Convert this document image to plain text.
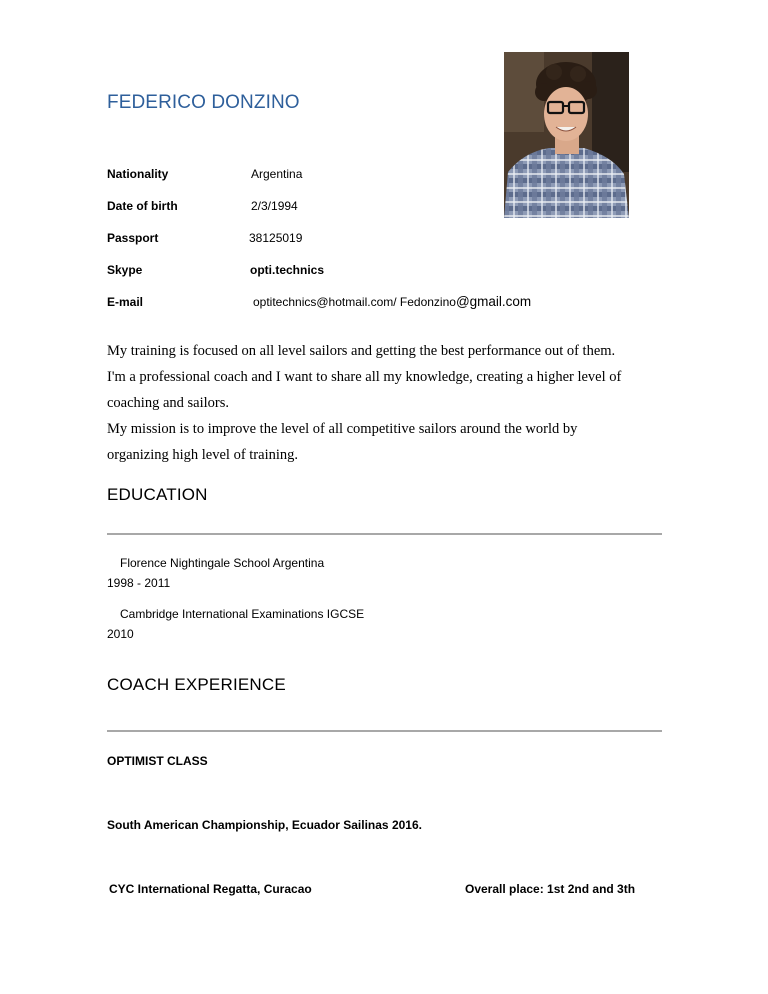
FEDERICO DONZINO
Nationality	Argentina
Date of birth	2/3/1994
Passport	38125019
Skype	opti.technics
E-mail	optitechnics@hotmail.com/ Fedonzino@gmail.com
My training is focused on all level sailors and getting the best performance out of them.
I'm a professional coach and I want to share all my knowledge, creating a higher level of
coaching and sailors.
My mission is to improve the level of all competitive sailors around the world by
organizing high level of training.
EDUCATION
Florence Nightingale School Argentina
1998 - 2011
Cambridge International Examinations IGCSE
2010
COACH EXPERIENCE
OPTIMIST CLASS
South American Championship, Ecuador Sailinas 2016.
CYC International Regatta, Curacao	Overall place: 1st 2nd and 3th
